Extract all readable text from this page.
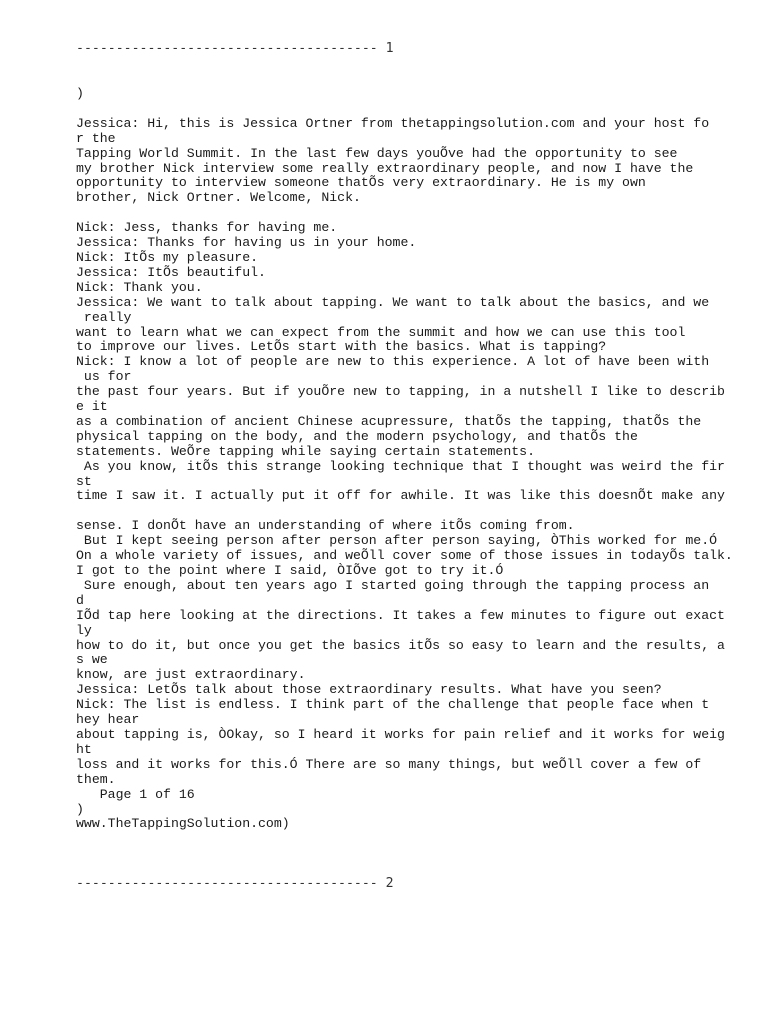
-------------------------------------- 1
)

Jessica: Hi, this is Jessica Ortner from thetappingsolution.com and your host fo
r the
Tapping World Summit. In the last few days youÕve had the opportunity to see
my brother Nick interview some really extraordinary people, and now I have the
opportunity to interview someone thatÕs very extraordinary. He is my own
brother, Nick Ortner. Welcome, Nick.

Nick: Jess, thanks for having me.
Jessica: Thanks for having us in your home.
Nick: ItÕs my pleasure.
Jessica: ItÕs beautiful.
Nick: Thank you.
Jessica: We want to talk about tapping. We want to talk about the basics, and we
really
want to learn what we can expect from the summit and how we can use this tool
to improve our lives. LetÕs start with the basics. What is tapping?
Nick: I know a lot of people are new to this experience. A lot of have been with
us for
the past four years. But if youÕre new to tapping, in a nutshell I like to describ
e it
as a combination of ancient Chinese acupressure, thatÕs the tapping, thatÕs the
physical tapping on the body, and the modern psychology, and thatÕs the
statements. WeÕre tapping while saying certain statements.
As you know, itÕs this strange looking technique that I thought was weird the fir
st
time I saw it. I actually put it off for awhile. It was like this doesnÕt make any

sense. I donÕt have an understanding of where itÕs coming from.
But I kept seeing person after person after person saying, ÒThis worked for me.Ó
On a whole variety of issues, and weÕll cover some of those issues in todayÕs talk.
I got to the point where I said, ÒIÕve got to try it.Ó
Sure enough, about ten years ago I started going through the tapping process an
d
IÕd tap here looking at the directions. It takes a few minutes to figure out exact
ly
how to do it, but once you get the basics itÕs so easy to learn and the results, a
s we
know, are just extraordinary.
Jessica: LetÕs talk about those extraordinary results. What have you seen?
Nick: The list is endless. I think part of the challenge that people face when t
hey hear
about tapping is, ÒOkay, so I heard it works for pain relief and it works for weig
ht
loss and it works for this.Ó There are so many things, but weÕll cover a few of
them.
Page 1 of 16
)
www.TheTappingSolution.com)
-------------------------------------- 2
